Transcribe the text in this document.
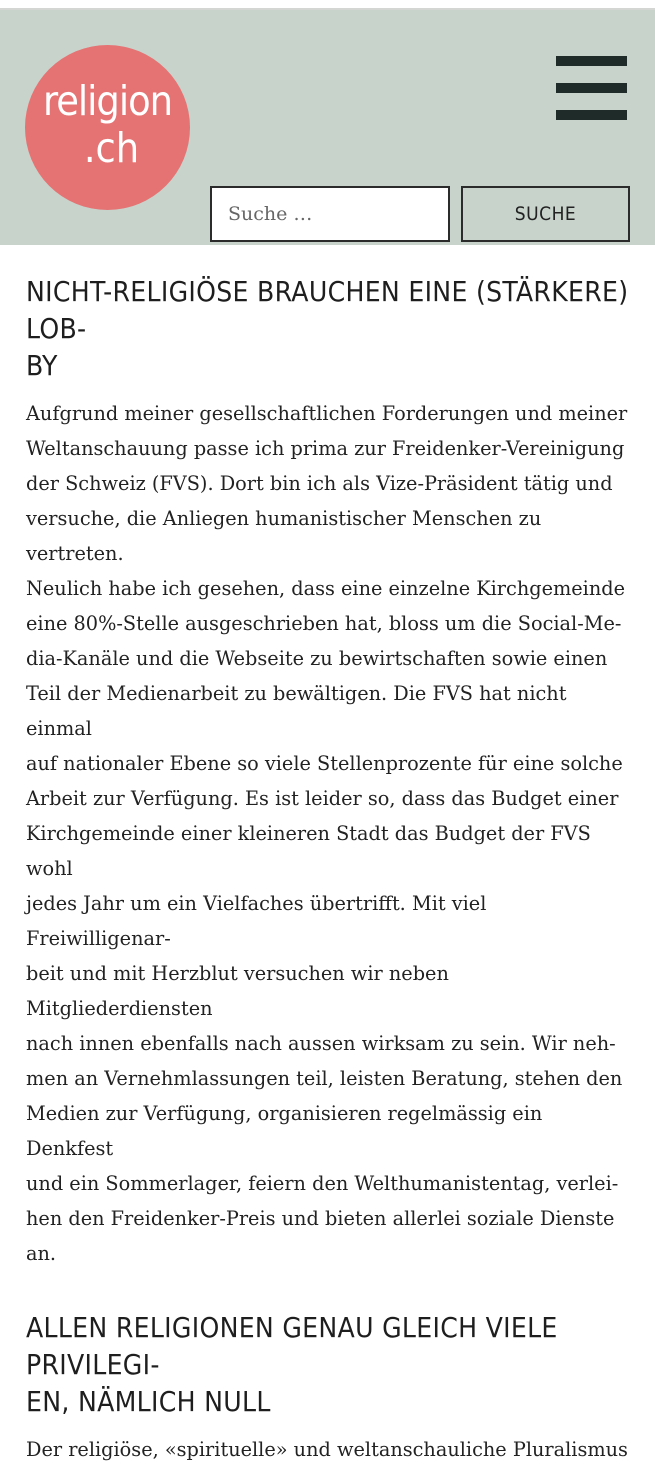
religion
.ch
Suche …
SUCHE
NICHT-RELIGIÖSE BRAUCHEN EINE (STÄRKERE) LOB-
BY

Aufgrund meiner gesellschaftlichen Forderungen und meiner
Weltanschauung passe ich prima zur Freidenker-Vereinigung
der Schweiz (FVS). Dort bin ich als Vize-Präsident tätig und
versuche, die Anliegen humanistischer Menschen zu vertreten.
Neulich habe ich gesehen, dass eine einzelne Kirchgemeinde
eine 80%-Stelle ausgeschrieben hat, bloss um die Social-Me-
dia-Kanäle und die Webseite zu bewirtschaften sowie einen
Teil der Medienarbeit zu bewältigen. Die FVS hat nicht einmal
auf nationaler Ebene so viele Stellenprozente für eine solche
Arbeit zur Verfügung. Es ist leider so, dass das Budget einer
Kirchgemeinde einer kleineren Stadt das Budget der FVS wohl
jedes Jahr um ein Vielfaches übertrifft. Mit viel Freiwilligenar-
beit und mit Herzblut versuchen wir neben Mitgliederdiensten
nach innen ebenfalls nach aussen wirksam zu sein. Wir neh-
men an Vernehmlassungen teil, leisten Beratung, stehen den
Medien zur Verfügung, organisieren regelmässig ein Denkfest
und ein Sommerlager, feiern den Welthumanistentag, verlei-
hen den Freidenker-Preis und bieten allerlei soziale Dienste
an.

ALLEN RELIGIONEN GENAU GLEICH VIELE PRIVILEGI-
EN, NÄMLICH NULL

Der religiöse, «spirituelle» und weltanschauliche Pluralismus
